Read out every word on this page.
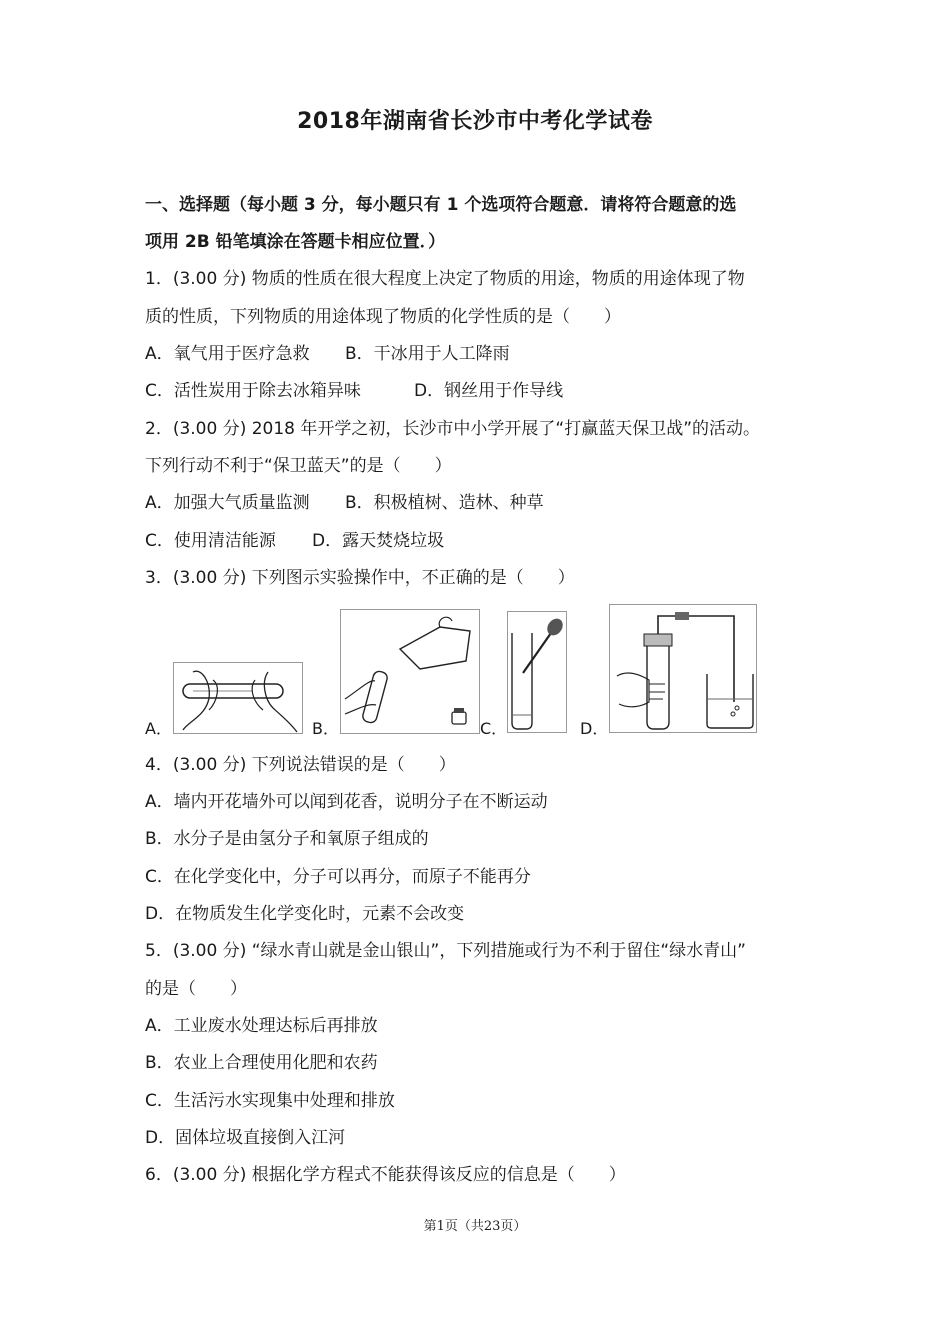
2018年湖南省长沙市中考化学试卷
一、选择题（每小题 3 分，每小题只有 1 个选项符合题意．请将符合题意的选
项用 2B 铅笔填涂在答题卡相应位置．）
1．(3.00 分) 物质的性质在很大程度上决定了物质的用途，物质的用途体现了物
质的性质，下列物质的用途体现了物质的化学性质的是（　　）
A．氧气用于医疗急救 B．干冰用于人工降雨
C．活性炭用于除去冰箱异味	D．钢丝用于作导线
2．(3.00 分) 2018 年开学之初，长沙市中小学开展了“打赢蓝天保卫战”的活动。
下列行动不利于“保卫蓝天”的是（　　）
A．加强大气质量监测 B．积极植树、造林、种草
C．使用清洁能源 D．露天焚烧垃圾
3．(3.00 分) 下列图示实验操作中，不正确的是（　　）
A．	B．	C．	D．
4．(3.00 分) 下列说法错误的是（　　）
A．墙内开花墙外可以闻到花香，说明分子在不断运动
B．水分子是由氢分子和氧原子组成的
C．在化学变化中，分子可以再分，而原子不能再分
D．在物质发生化学变化时，元素不会改变
5．(3.00 分) “绿水青山就是金山银山”，下列措施或行为不利于留住“绿水青山”
的是（　　）
A．工业废水处理达标后再排放
B．农业上合理使用化肥和农药
C．生活污水实现集中处理和排放
D．固体垃圾直接倒入江河
6．(3.00 分) 根据化学方程式不能获得该反应的信息是（　　）
第1页（共23页）
